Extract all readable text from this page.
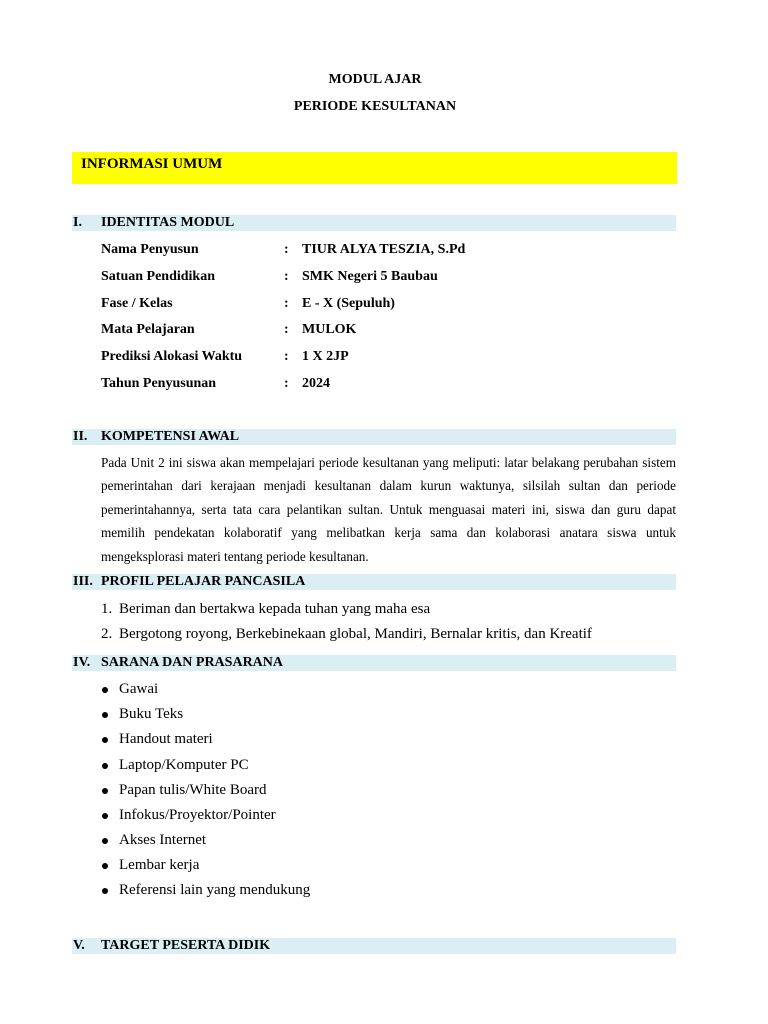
MODUL AJAR
PERIODE KESULTANAN
INFORMASI UMUM
I. IDENTITAS MODUL
Nama Penyusun	: TIUR ALYA TESZIA, S.Pd
Satuan Pendidikan	: SMK Negeri 5 Baubau
Fase / Kelas	: E - X (Sepuluh)
Mata Pelajaran	: MULOK
Prediksi Alokasi Waktu	: 1 X 2JP
Tahun Penyusunan	: 2024
II. KOMPETENSI AWAL
Pada Unit 2 ini siswa akan mempelajari periode kesultanan yang meliputi: latar belakang perubahan sistem pemerintahan dari kerajaan menjadi kesultanan dalam kurun waktunya, silsilah sultan dan periode pemerintahannya, serta tata cara pelantikan sultan. Untuk menguasai materi ini, siswa dan guru dapat memilih pendekatan kolaboratif yang melibatkan kerja sama dan kolaborasi anatara siswa untuk mengeksplorasi materi tentang periode kesultanan.
III. PROFIL PELAJAR PANCASILA
1. Beriman dan bertakwa kepada tuhan yang maha esa
2. Bergotong royong, Berkebinekaan global, Mandiri, Bernalar kritis, dan Kreatif
IV. SARANA DAN PRASARANA
Gawai
Buku Teks
Handout materi
Laptop/Komputer PC
Papan tulis/White Board
Infokus/Proyektor/Pointer
Akses Internet
Lembar kerja
Referensi lain yang mendukung
V. TARGET PESERTA DIDIK
